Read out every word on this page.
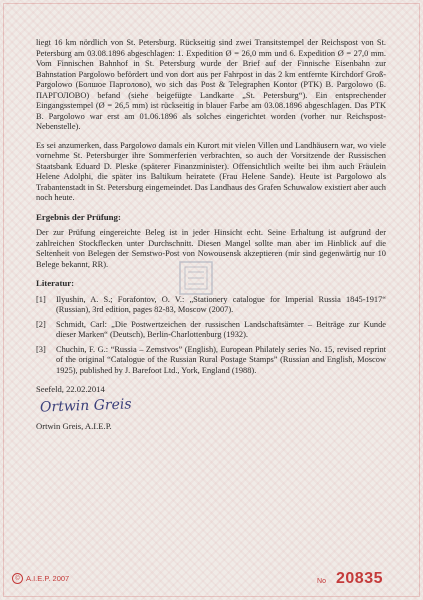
liegt 16 km nördlich von St. Petersburg. Rückseitig sind zwei Transitstempel der Reichspost von St. Petersburg am 03.08.1896 abgeschlagen: 1. Expedition Ø = 26,0 mm und 6. Expedition Ø = 27,0 mm. Vom Finnischen Bahnhof in St. Petersburg wurde der Brief auf der Finnische Eisenbahn zur Bahnstation Pargolowo befördert und von dort aus per Fahrpost in das 2 km entfernte Kirchdorf Groß-Pargolowo (Болшое Парголово), wo sich das Post & Telegraphen Kontor (PTK) B. Pargolowo (Б. ПАРГОЛОВО) befand (siehe beigefügte Landkarte „St. Petersburg“). Ein entsprechender Eingangsstempel (Ø = 26,5 mm) ist rückseitig in blauer Farbe am 03.08.1896 abgeschlagen. Das PTK B. Pargolowo war erst am 01.06.1896 als solches eingerichtet worden (vorher nur Reichspost-Nebenstelle).

Es sei anzumerken, dass Pargolowo damals ein Kurort mit vielen Villen und Landhäusern war, wo viele vornehme St. Petersburger ihre Sommerferien verbrachten, so auch der Vorsitzende der Russischen Staatsbank Eduard D. Pleske (späterer Finanzminister). Offensichtlich weilte bei ihm auch Fräulein Helene Adolphi, die später ins Baltikum heiratete (Frau Helene Sande). Heute ist Pargolowo als Trabantenstadt in St. Petersburg eingemeindet. Das Landhaus des Grafen Schuwalow existiert aber auch noch heute.

Ergebnis der Prüfung:

Der zur Prüfung eingereichte Beleg ist in jeder Hinsicht echt. Seine Erhaltung ist aufgrund der zahlreichen Stockflecken unter Durchschnitt. Diesen Mangel sollte man aber im Hinblick auf die Seltenheit von Belegen der Semstwo-Post von Nowousensk akzeptieren (mir sind gegenwärtig nur 10 Belege bekannt, RR).

Literatur:
[1]	Ilyushin, A. S.; Forafontov, O. V.: „Stationery catalogue for Imperial Russia 1845-1917“ (Russian), 3rd edition, pages 82-83, Moscow (2007).
[2]	Schmidt, Carl: „Die Postwertzeichen der russischen Landschaftsämter – Beiträge zur Kunde dieser Marken“ (Deutsch), Berlin-Charlottenburg (1932).
[3]	Chuchin, F. G.: “Russia – Zemstvos” (English), European Philately series No. 15, revised reprint of the original “Catalogue of the Russian Rural Postage Stamps” (Russian and English, Moscow 1925), published by J. Barefoot Ltd., York, England (1988).
Seefeld, 22.02.2014
Ortwin Greis
Ortwin Greis, A.I.E.P.
© A.I.E.P. 2007	No 20835
